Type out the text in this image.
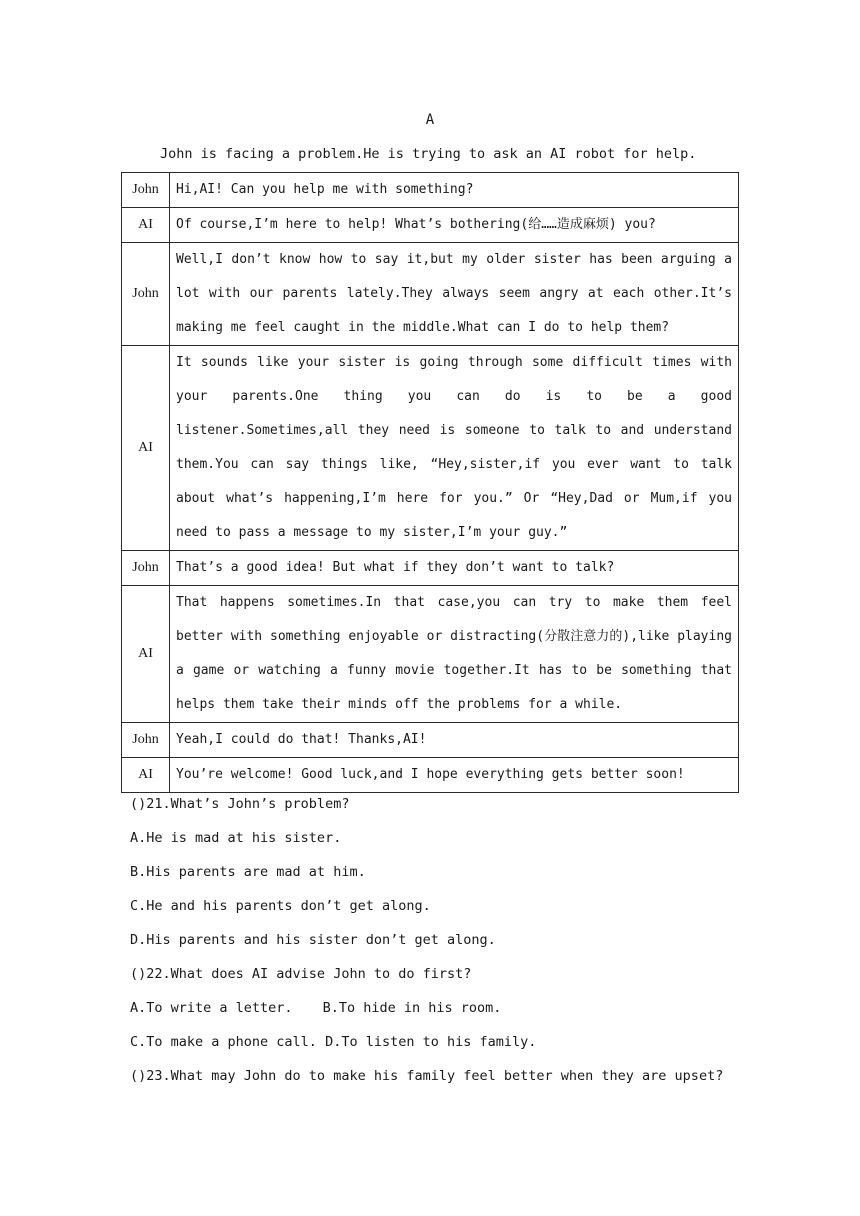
A
John is facing a problem.He is trying to ask an AI robot for help.
John	Hi,AI! Can you help me with something?
AI	Of course,I’m here to help! What’s bothering(给……造成麻烦) you?
John	Well,I don’t know how to say it,but my older sister has been arguing a lot with our parents lately.They always seem angry at each other.It’s making me feel caught in the middle.What can I do to help them?
AI	It sounds like your sister is going through some difficult times with your parents.One thing you can do is to be a good listener.Sometimes,all they need is someone to talk to and understand them.You can say things like, “Hey,sister,if you ever want to talk about what’s happening,I’m here for you.” Or “Hey,Dad or Mum,if you need to pass a message to my sister,I’m your guy.”
John	That’s a good idea! But what if they don’t want to talk?
AI	That happens sometimes.In that case,you can try to make them feel better with something enjoyable or distracting(分散注意力的),like playing a game or watching a funny movie together.It has to be something that helps them take their minds off the problems for a while.
John	Yeah,I could do that! Thanks,AI!
AI	You’re welcome! Good luck,and I hope everything gets better soon!
()21.What’s John’s problem?
A.He is mad at his sister.
B.His parents are mad at him.
C.He and his parents don’t get along.
D.His parents and his sister don’t get along.
()22.What does AI advise John to do first?
A.To write a letter. B.To hide in his room.
C.To make a phone call. D.To listen to his family.
()23.What may John do to make his family feel better when they are upset?
